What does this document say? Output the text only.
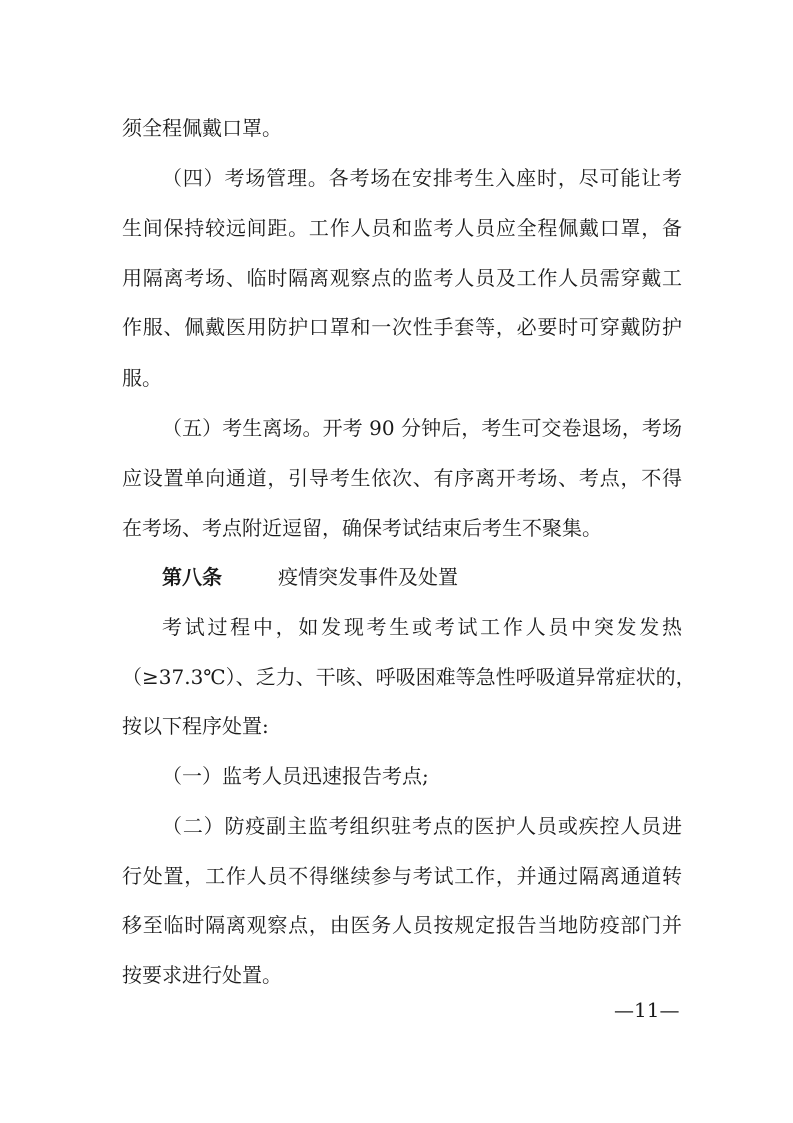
须全程佩戴口罩。
（四）考场管理。各考场在安排考生入座时，尽可能让考
生间保持较远间距。工作人员和监考人员应全程佩戴口罩，备
用隔离考场、临时隔离观察点的监考人员及工作人员需穿戴工
作服、佩戴医用防护口罩和一次性手套等，必要时可穿戴防护
服。
（五）考生离场。开考 90 分钟后，考生可交卷退场，考场
应设置单向通道，引导考生依次、有序离开考场、考点，不得
在考场、考点附近逗留，确保考试结束后考生不聚集。
第八条	疫情突发事件及处置
考试过程中，如发现考生或考试工作人员中突发发热
（≥37.3℃）、乏力、干咳、呼吸困难等急性呼吸道异常症状的，
按以下程序处置:
（一）监考人员迅速报告考点;
（二）防疫副主监考组织驻考点的医护人员或疾控人员进
行处置，工作人员不得继续参与考试工作，并通过隔离通道转
移至临时隔离观察点，由医务人员按规定报告当地防疫部门并
按要求进行处置。
—11—
